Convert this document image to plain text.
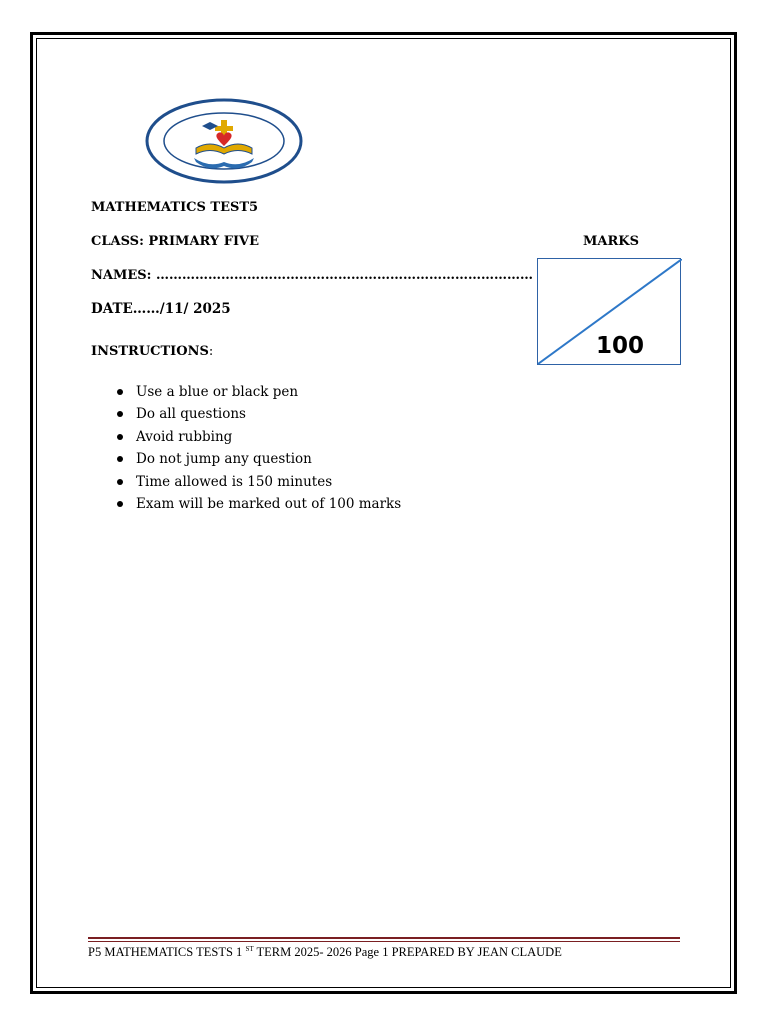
MATHEMATICS TEST5
CLASS: PRIMARY FIVE
NAMES: ……………………………………………………………………………
DATE……/11/ 2025
INSTRUCTIONS:
MARKS
100
Use a blue or black pen
Do all questions
Avoid rubbing
Do not jump any question
Time allowed is 150 minutes
Exam will be marked out of 100 marks
P5 MATHEMATICS TESTS 1 $^{ST}$ TERM 2025- 2026 Page 1 PREPARED BY JEAN CLAUDE
